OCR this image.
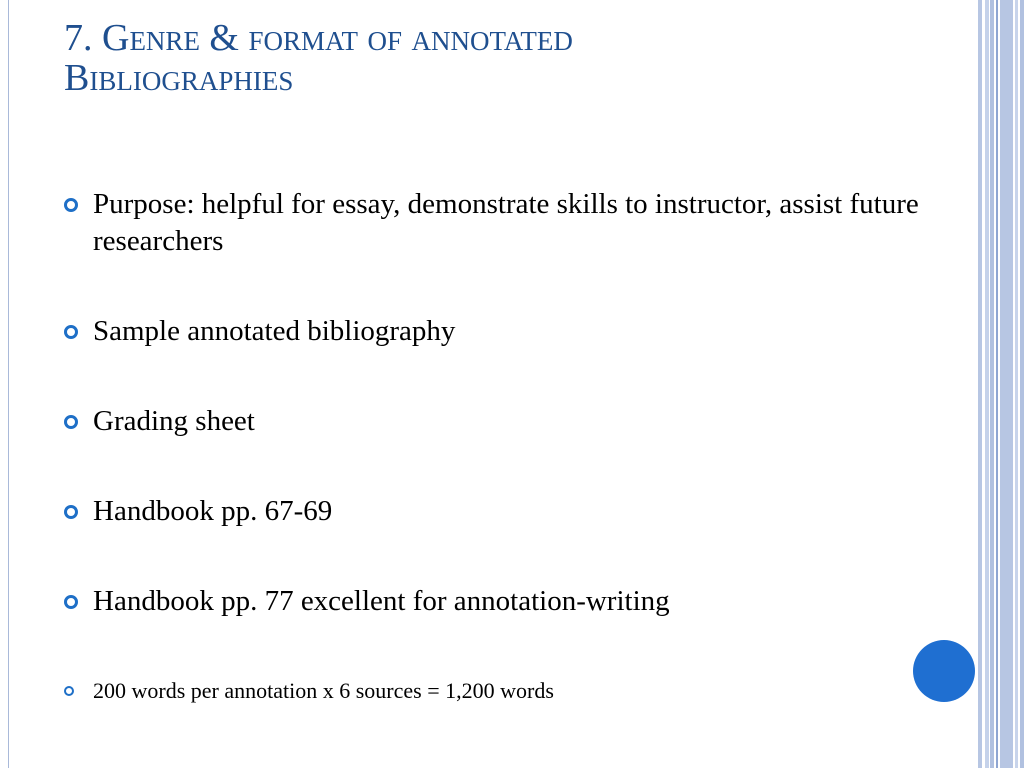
7. Genre & format of annotated
Bibliographies
Purpose: helpful for essay, demonstrate skills to instructor, assist future researchers
Sample annotated bibliography
Grading sheet
Handbook pp. 67-69
Handbook pp. 77 excellent for annotation-writing
200 words per annotation x 6 sources = 1,200 words
